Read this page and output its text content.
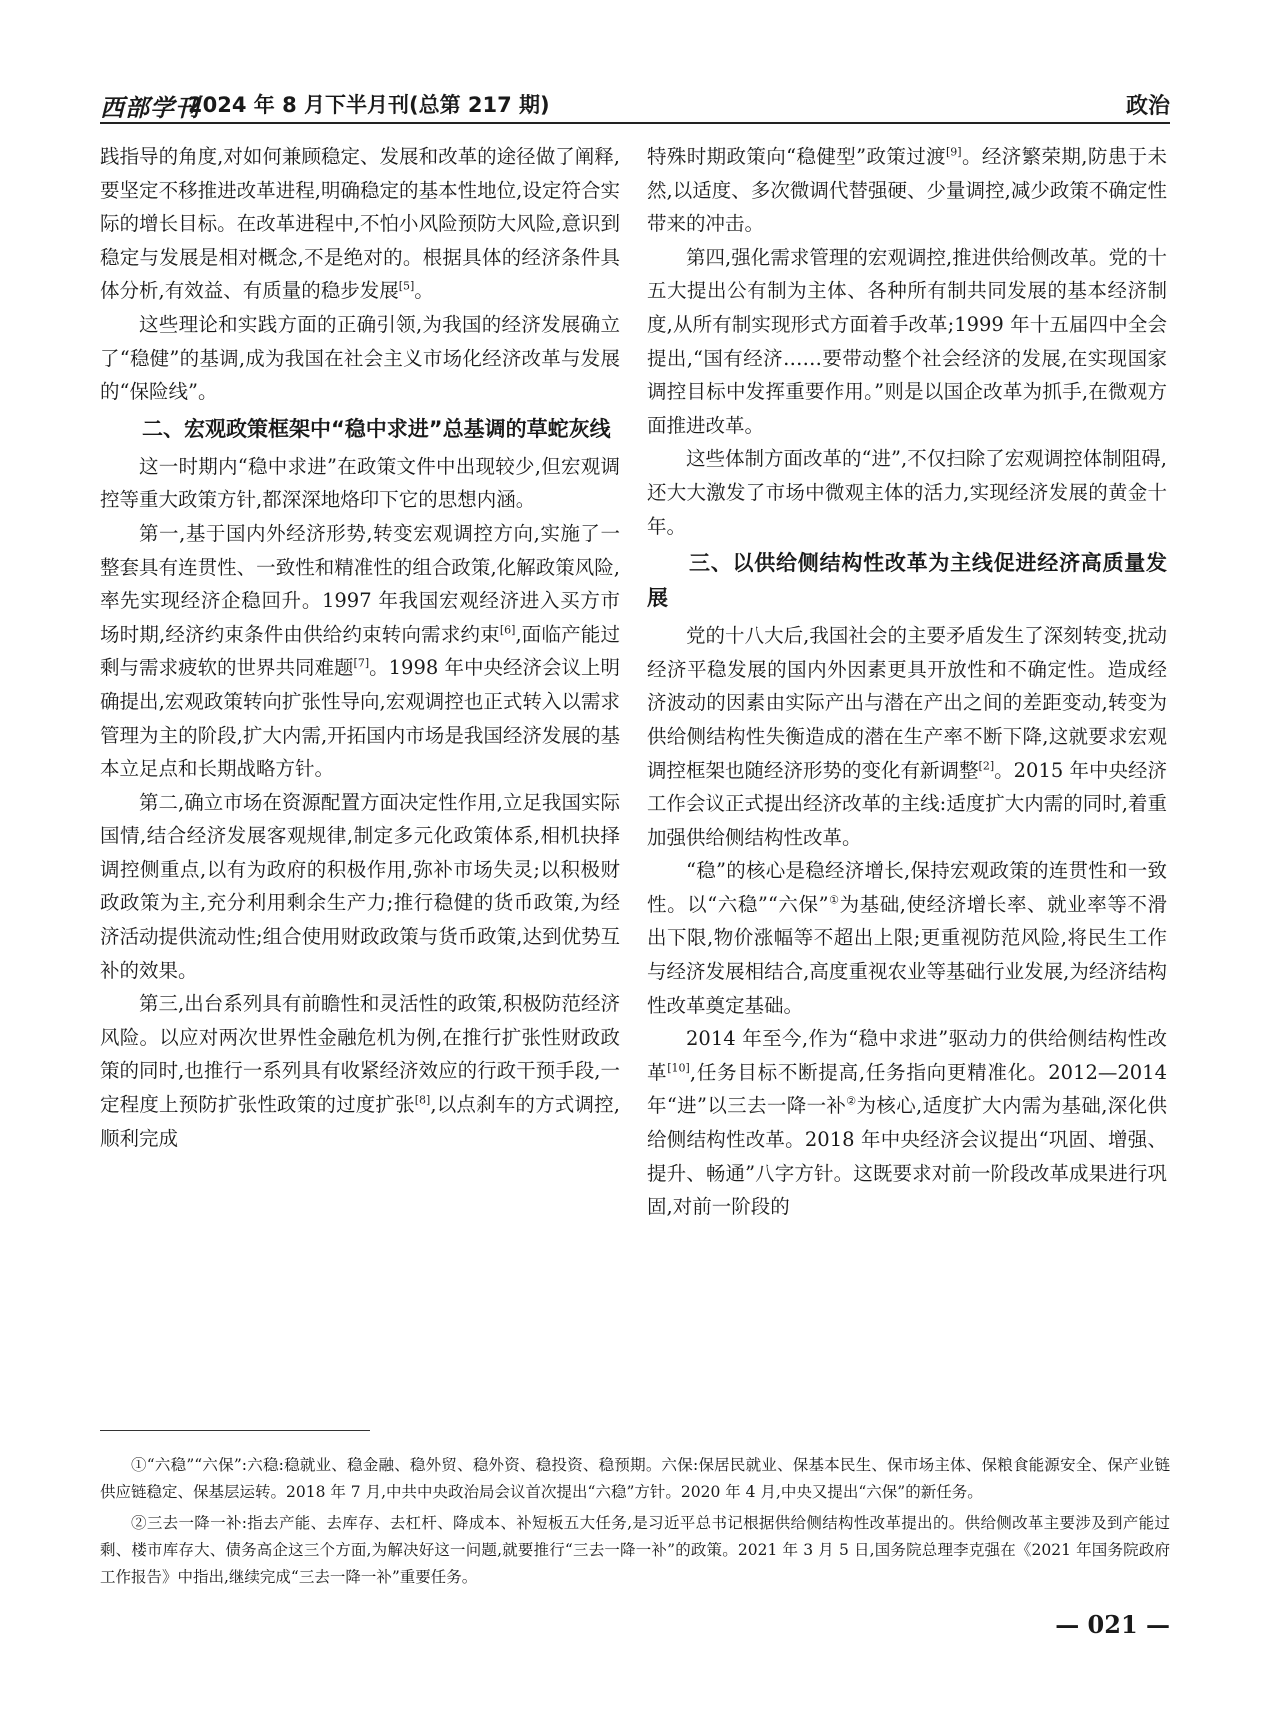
西部学刊
2024 年 8 月下半月刊(总第 217 期)	政治

践指导的角度,对如何兼顾稳定、发展和改革的途径做了阐释,要坚定不移推进改革进程,明确稳定的基本性地位,设定符合实际的增长目标。在改革进程中,不怕小风险预防大风险,意识到稳定与发展是相对概念,不是绝对的。根据具体的经济条件具体分析,有效益、有质量的稳步发展[5]。

这些理论和实践方面的正确引领,为我国的经济发展确立了“稳健”的基调,成为我国在社会主义市场化经济改革与发展的“保险线”。

二、宏观政策框架中“稳中求进”总基调的草蛇灰线

这一时期内“稳中求进”在政策文件中出现较少,但宏观调控等重大政策方针,都深深地烙印下它的思想内涵。

第一,基于国内外经济形势,转变宏观调控方向,实施了一整套具有连贯性、一致性和精准性的组合政策,化解政策风险,率先实现经济企稳回升。1997 年我国宏观经济进入买方市场时期,经济约束条件由供给约束转向需求约束[6],面临产能过剩与需求疲软的世界共同难题[7]。1998 年中央经济会议上明确提出,宏观政策转向扩张性导向,宏观调控也正式转入以需求管理为主的阶段,扩大内需,开拓国内市场是我国经济发展的基本立足点和长期战略方针。

第二,确立市场在资源配置方面决定性作用,立足我国实际国情,结合经济发展客观规律,制定多元化政策体系,相机抉择调控侧重点,以有为政府的积极作用,弥补市场失灵;以积极财政政策为主,充分利用剩余生产力;推行稳健的货币政策,为经济活动提供流动性;组合使用财政政策与货币政策,达到优势互补的效果。

第三,出台系列具有前瞻性和灵活性的政策,积极防范经济风险。以应对两次世界性金融危机为例,在推行扩张性财政政策的同时,也推行一系列具有收紧经济效应的行政干预手段,一定程度上预防扩张性政策的过度扩张[8],以点刹车的方式调控,顺利完成

特殊时期政策向“稳健型”政策过渡[9]。经济繁荣期,防患于未然,以适度、多次微调代替强硬、少量调控,减少政策不确定性带来的冲击。

第四,强化需求管理的宏观调控,推进供给侧改革。党的十五大提出公有制为主体、各种所有制共同发展的基本经济制度,从所有制实现形式方面着手改革;1999 年十五届四中全会提出,“国有经济……要带动整个社会经济的发展,在实现国家调控目标中发挥重要作用。”则是以国企改革为抓手,在微观方面推进改革。

这些体制方面改革的“进”,不仅扫除了宏观调控体制阻碍,还大大激发了市场中微观主体的活力,实现经济发展的黄金十年。

三、以供给侧结构性改革为主线促进经济高质量发展

党的十八大后,我国社会的主要矛盾发生了深刻转变,扰动经济平稳发展的国内外因素更具开放性和不确定性。造成经济波动的因素由实际产出与潜在产出之间的差距变动,转变为供给侧结构性失衡造成的潜在生产率不断下降,这就要求宏观调控框架也随经济形势的变化有新调整[2]。2015 年中央经济工作会议正式提出经济改革的主线:适度扩大内需的同时,着重加强供给侧结构性改革。

“稳”的核心是稳经济增长,保持宏观政策的连贯性和一致性。以“六稳”“六保”①为基础,使经济增长率、就业率等不滑出下限,物价涨幅等不超出上限;更重视防范风险,将民生工作与经济发展相结合,高度重视农业等基础行业发展,为经济结构性改革奠定基础。

2014 年至今,作为“稳中求进”驱动力的供给侧结构性改革[10],任务目标不断提高,任务指向更精准化。2012—2014 年“进”以三去一降一补②为核心,适度扩大内需为基础,深化供给侧结构性改革。2018 年中央经济会议提出“巩固、增强、提升、畅通”八字方针。这既要求对前一阶段改革成果进行巩固,对前一阶段的

①“六稳”“六保”:六稳:稳就业、稳金融、稳外贸、稳外资、稳投资、稳预期。六保:保居民就业、保基本民生、保市场主体、保粮食能源安全、保产业链供应链稳定、保基层运转。2018 年 7 月,中共中央政治局会议首次提出“六稳”方针。2020 年 4 月,中央又提出“六保”的新任务。

②三去一降一补:指去产能、去库存、去杠杆、降成本、补短板五大任务,是习近平总书记根据供给侧结构性改革提出的。供给侧改革主要涉及到产能过剩、楼市库存大、债务高企这三个方面,为解决好这一问题,就要推行“三去一降一补”的政策。2021 年 3 月 5 日,国务院总理李克强在《2021 年国务院政府工作报告》中指出,继续完成“三去一降一补”重要任务。

— 021 —
